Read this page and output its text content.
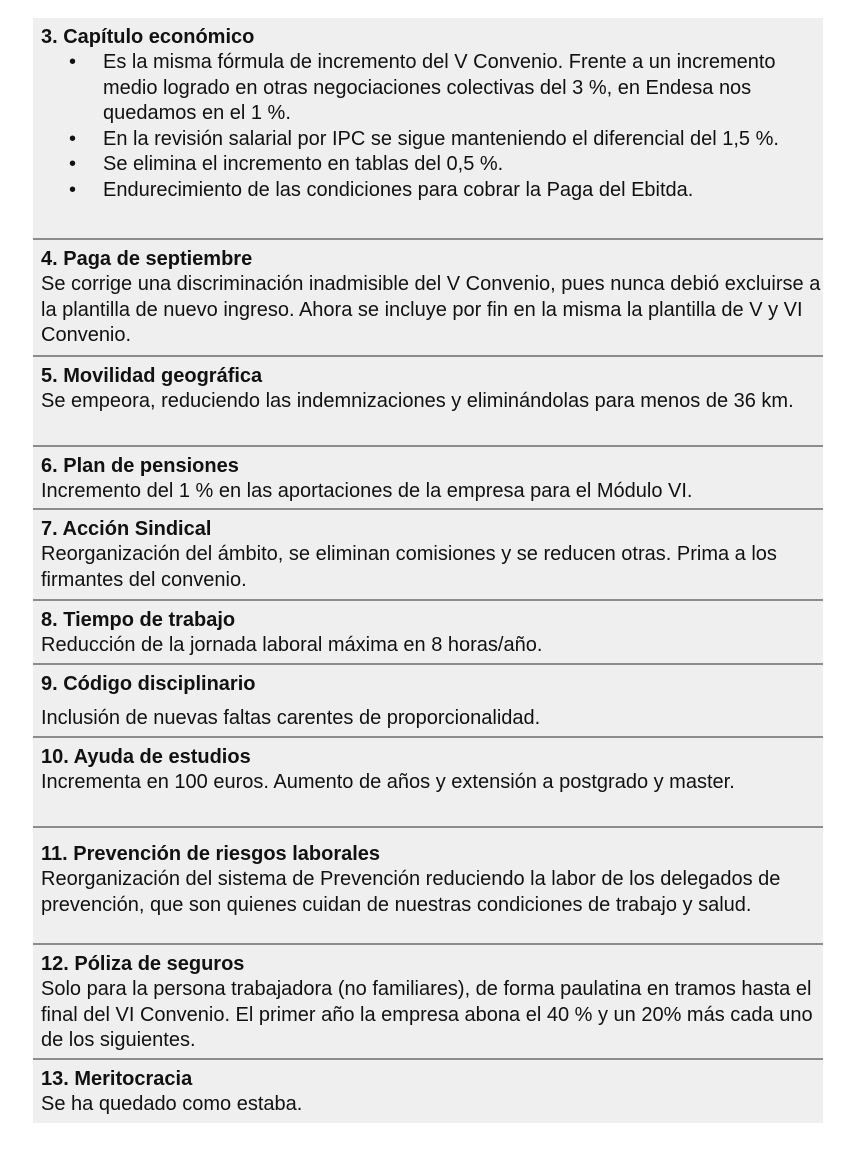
3. Capítulo económico
• Es la misma fórmula de incremento del V Convenio. Frente a un incremento medio logrado en otras negociaciones colectivas del 3 %, en Endesa nos quedamos en el 1 %.
• En la revisión salarial por IPC se sigue manteniendo el diferencial del 1,5 %.
• Se elimina el incremento en tablas del 0,5 %.
• Endurecimiento de las condiciones para cobrar la Paga del Ebitda.
4. Paga de septiembre

Se corrige una discriminación inadmisible del V Convenio, pues nunca debió excluirse a la plantilla de nuevo ingreso. Ahora se incluye por fin en la misma la plantilla de V y VI Convenio.

5. Movilidad geográfica

Se empeora, reduciendo las indemnizaciones y eliminándolas para menos de 36 km.

6. Plan de pensiones

Incremento del 1 % en las aportaciones de la empresa para el Módulo VI.

7. Acción Sindical

Reorganización del ámbito, se eliminan comisiones y se reducen otras. Prima a los firmantes del convenio.

8. Tiempo de trabajo

Reducción de la jornada laboral máxima en 8 horas/año.

9. Código disciplinario

Inclusión de nuevas faltas carentes de proporcionalidad.

10. Ayuda de estudios

Incrementa en 100 euros. Aumento de años y extensión a postgrado y master.

11. Prevención de riesgos laborales

Reorganización del sistema de Prevención reduciendo la labor de los delegados de prevención, que son quienes cuidan de nuestras condiciones de trabajo y salud.

12. Póliza de seguros

Solo para la persona trabajadora (no familiares), de forma paulatina en tramos hasta el final del VI Convenio. El primer año la empresa abona el 40 % y un 20% más cada uno de los siguientes.

13. Meritocracia

Se ha quedado como estaba.
